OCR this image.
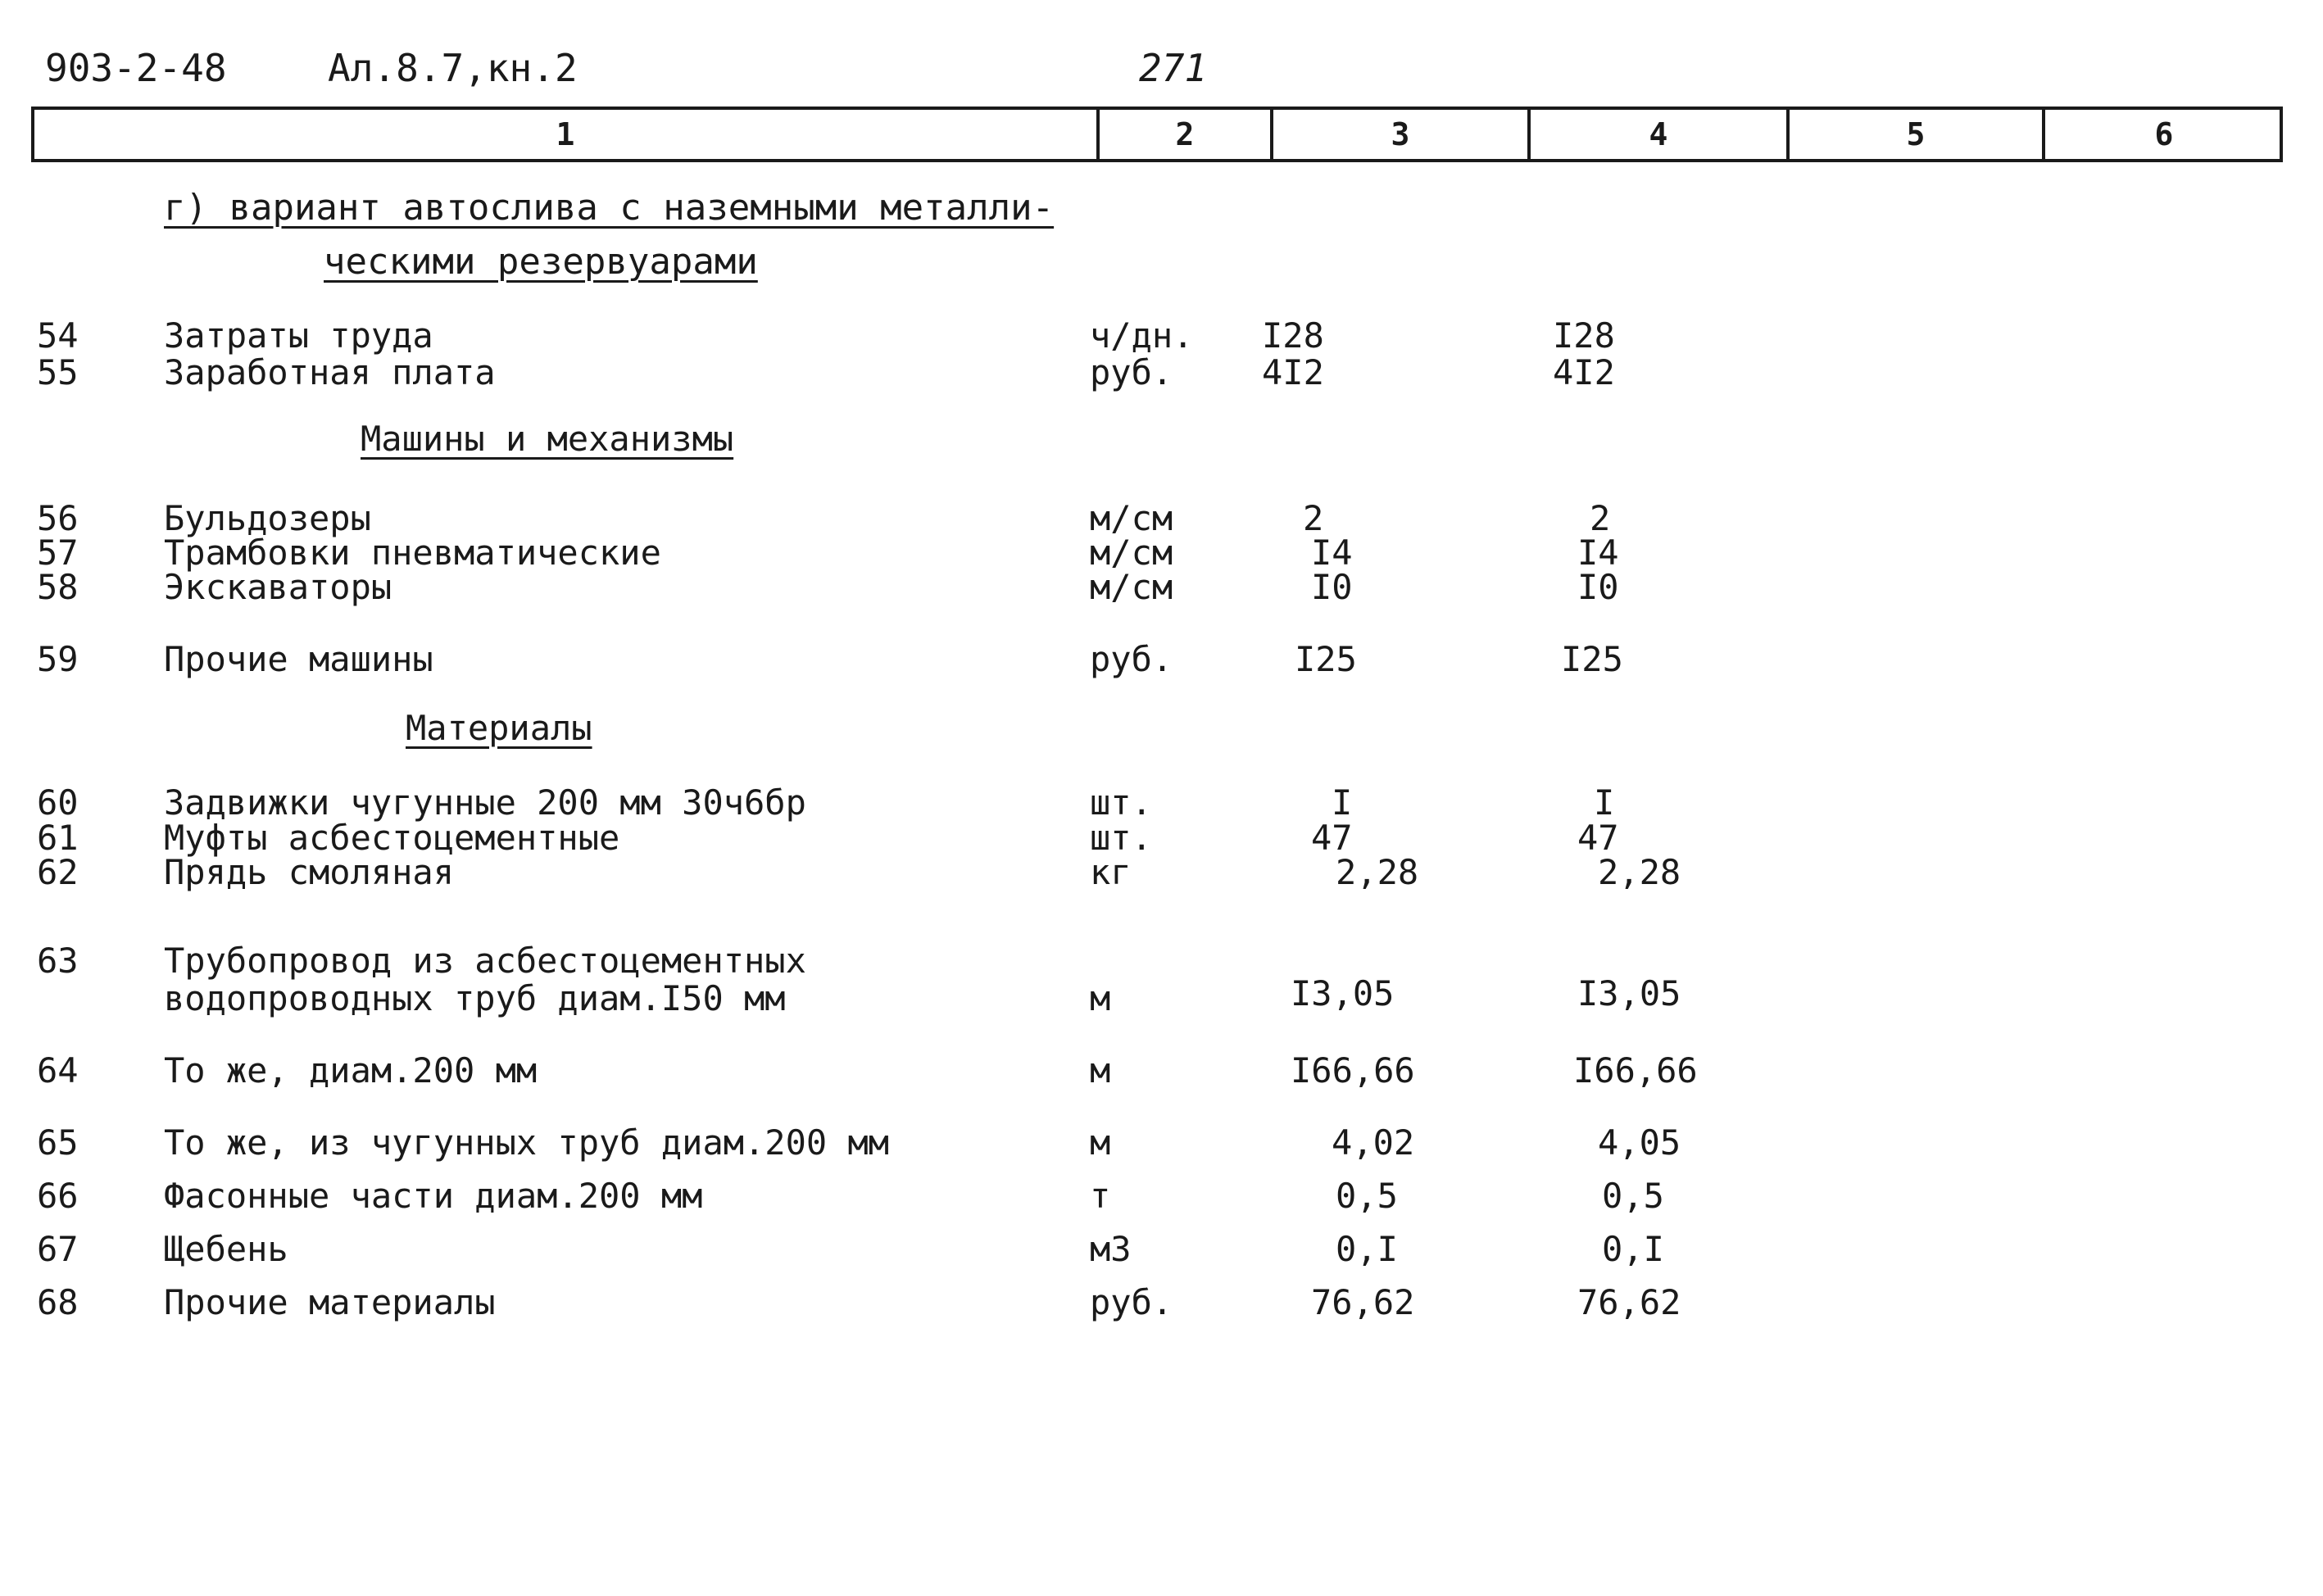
903-2-48	Ал.8.7,кн.2	271
1	2	3	4	5	6
г) вариант автослива с наземными металли-
ческими резервуарами
54 Затраты труда	ч/дн. I28	I28
55 Заработная плата	руб.	4I2	4I2
Машины и механизмы
56 Бульдозеры	м/см	2	2
57 Трамбовки пневматические	м/см	I4	I4
58 Экскаваторы	м/см	I0	I0
59 Прочие машины	руб.	I25	I25
Материалы
60 Задвижки чугунные 200 мм 30ч6бр	шт.	I	I
61 Муфты асбестоцементные	шт.	47	47
62 Прядь смоляная	кг	2,28	2,28
63 Трубопровод из асбестоцементных
водопроводных труб диам.I50 мм	м	I3,05	I3,05
64 То же, диам.200 мм	м	I66,66	I66,66
65 То же, из чугунных труб диам.200 мм	м	4,02	4,05
66 Фасонные части диам.200 мм	т	0,5	0,5
67 Щебень	м3	0,I	0,I
68 Прочие материалы	руб.	76,62	76,62
